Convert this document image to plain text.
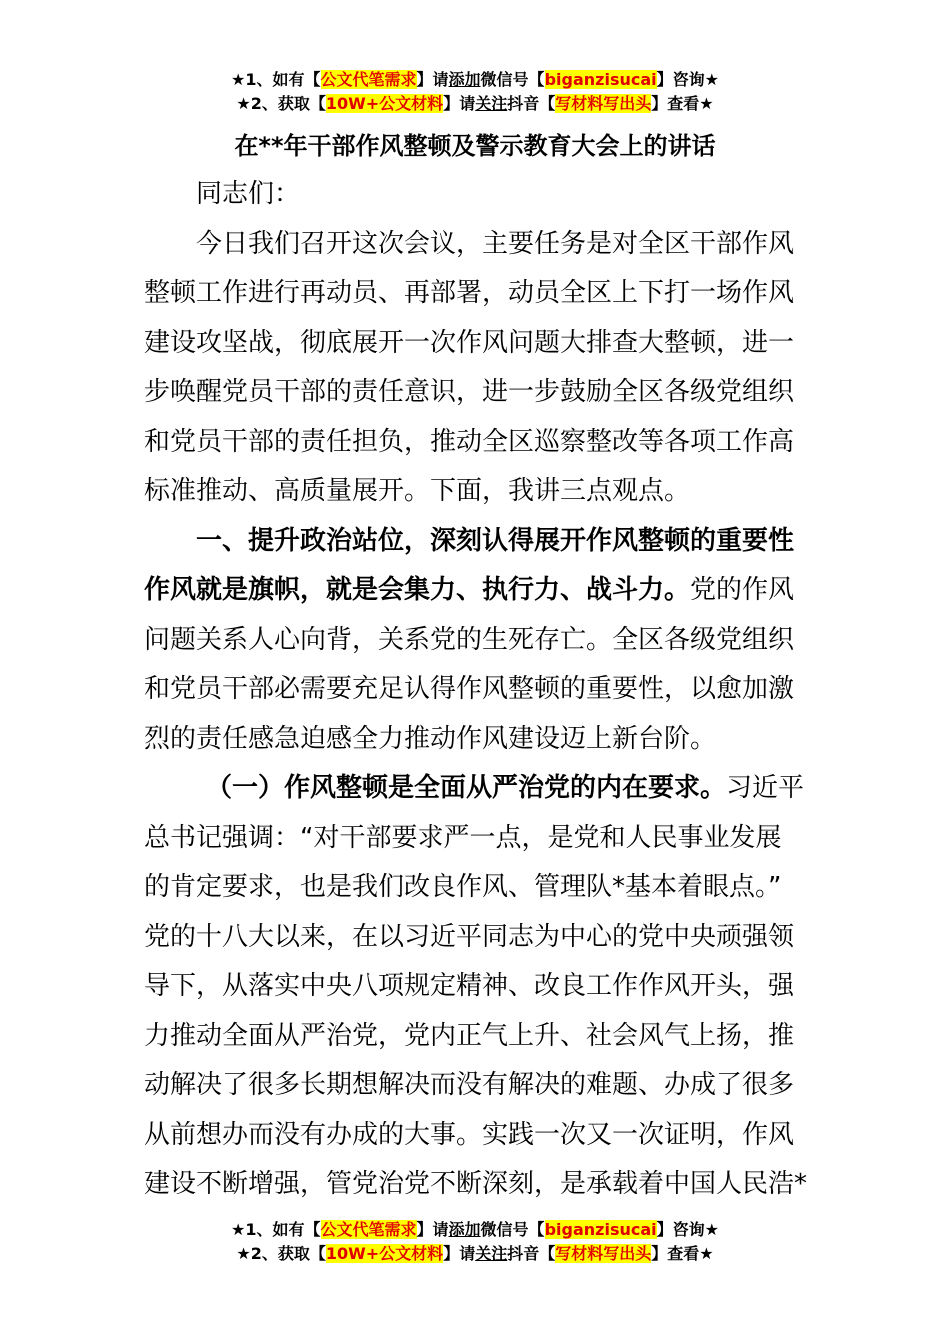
★1、如有【公文代笔需求】请添加微信号【biganzisucai】咨询★
★2、获取【10W+公文材料】请关注抖音【写材料写出头】查看★
在**年干部作风整顿及警示教育大会上的讲话
同志们：
今日我们召开这次会议，主要任务是对全区干部作风
整顿工作进行再动员、再部署，动员全区上下打一场作风
建设攻坚战，彻底展开一次作风问题大排查大整顿，进一
步唤醒党员干部的责任意识，进一步鼓励全区各级党组织
和党员干部的责任担负，推动全区巡察整改等各项工作高
标准推动、高质量展开。下面，我讲三点观点。
一、提升政治站位，深刻认得展开作风整顿的重要性
作风就是旗帜，就是会集力、执行力、战斗力。党的作风
问题关系人心向背，关系党的生死存亡。全区各级党组织
和党员干部必需要充足认得作风整顿的重要性，以愈加激
烈的责任感急迫感全力推动作风建设迈上新台阶。
（一）作风整顿是全面从严治党的内在要求。习近平
总书记强调：“对干部要求严一点，是党和人民事业发展
的肯定要求，也是我们改良作风、管理队*基本着眼点。”
党的十八大以来，在以习近平同志为中心的党中央顽强领
导下，从落实中央八项规定精神、改良工作作风开头，强
力推动全面从严治党，党内正气上升、社会风气上扬，推
动解决了很多长期想解决而没有解决的难题、办成了很多
从前想办而没有办成的大事。实践一次又一次证明，作风
建设不断增强，管党治党不断深刻，是承载着中国人民浩*
★1、如有【公文代笔需求】请添加微信号【biganzisucai】咨询★
★2、获取【10W+公文材料】请关注抖音【写材料写出头】查看★
